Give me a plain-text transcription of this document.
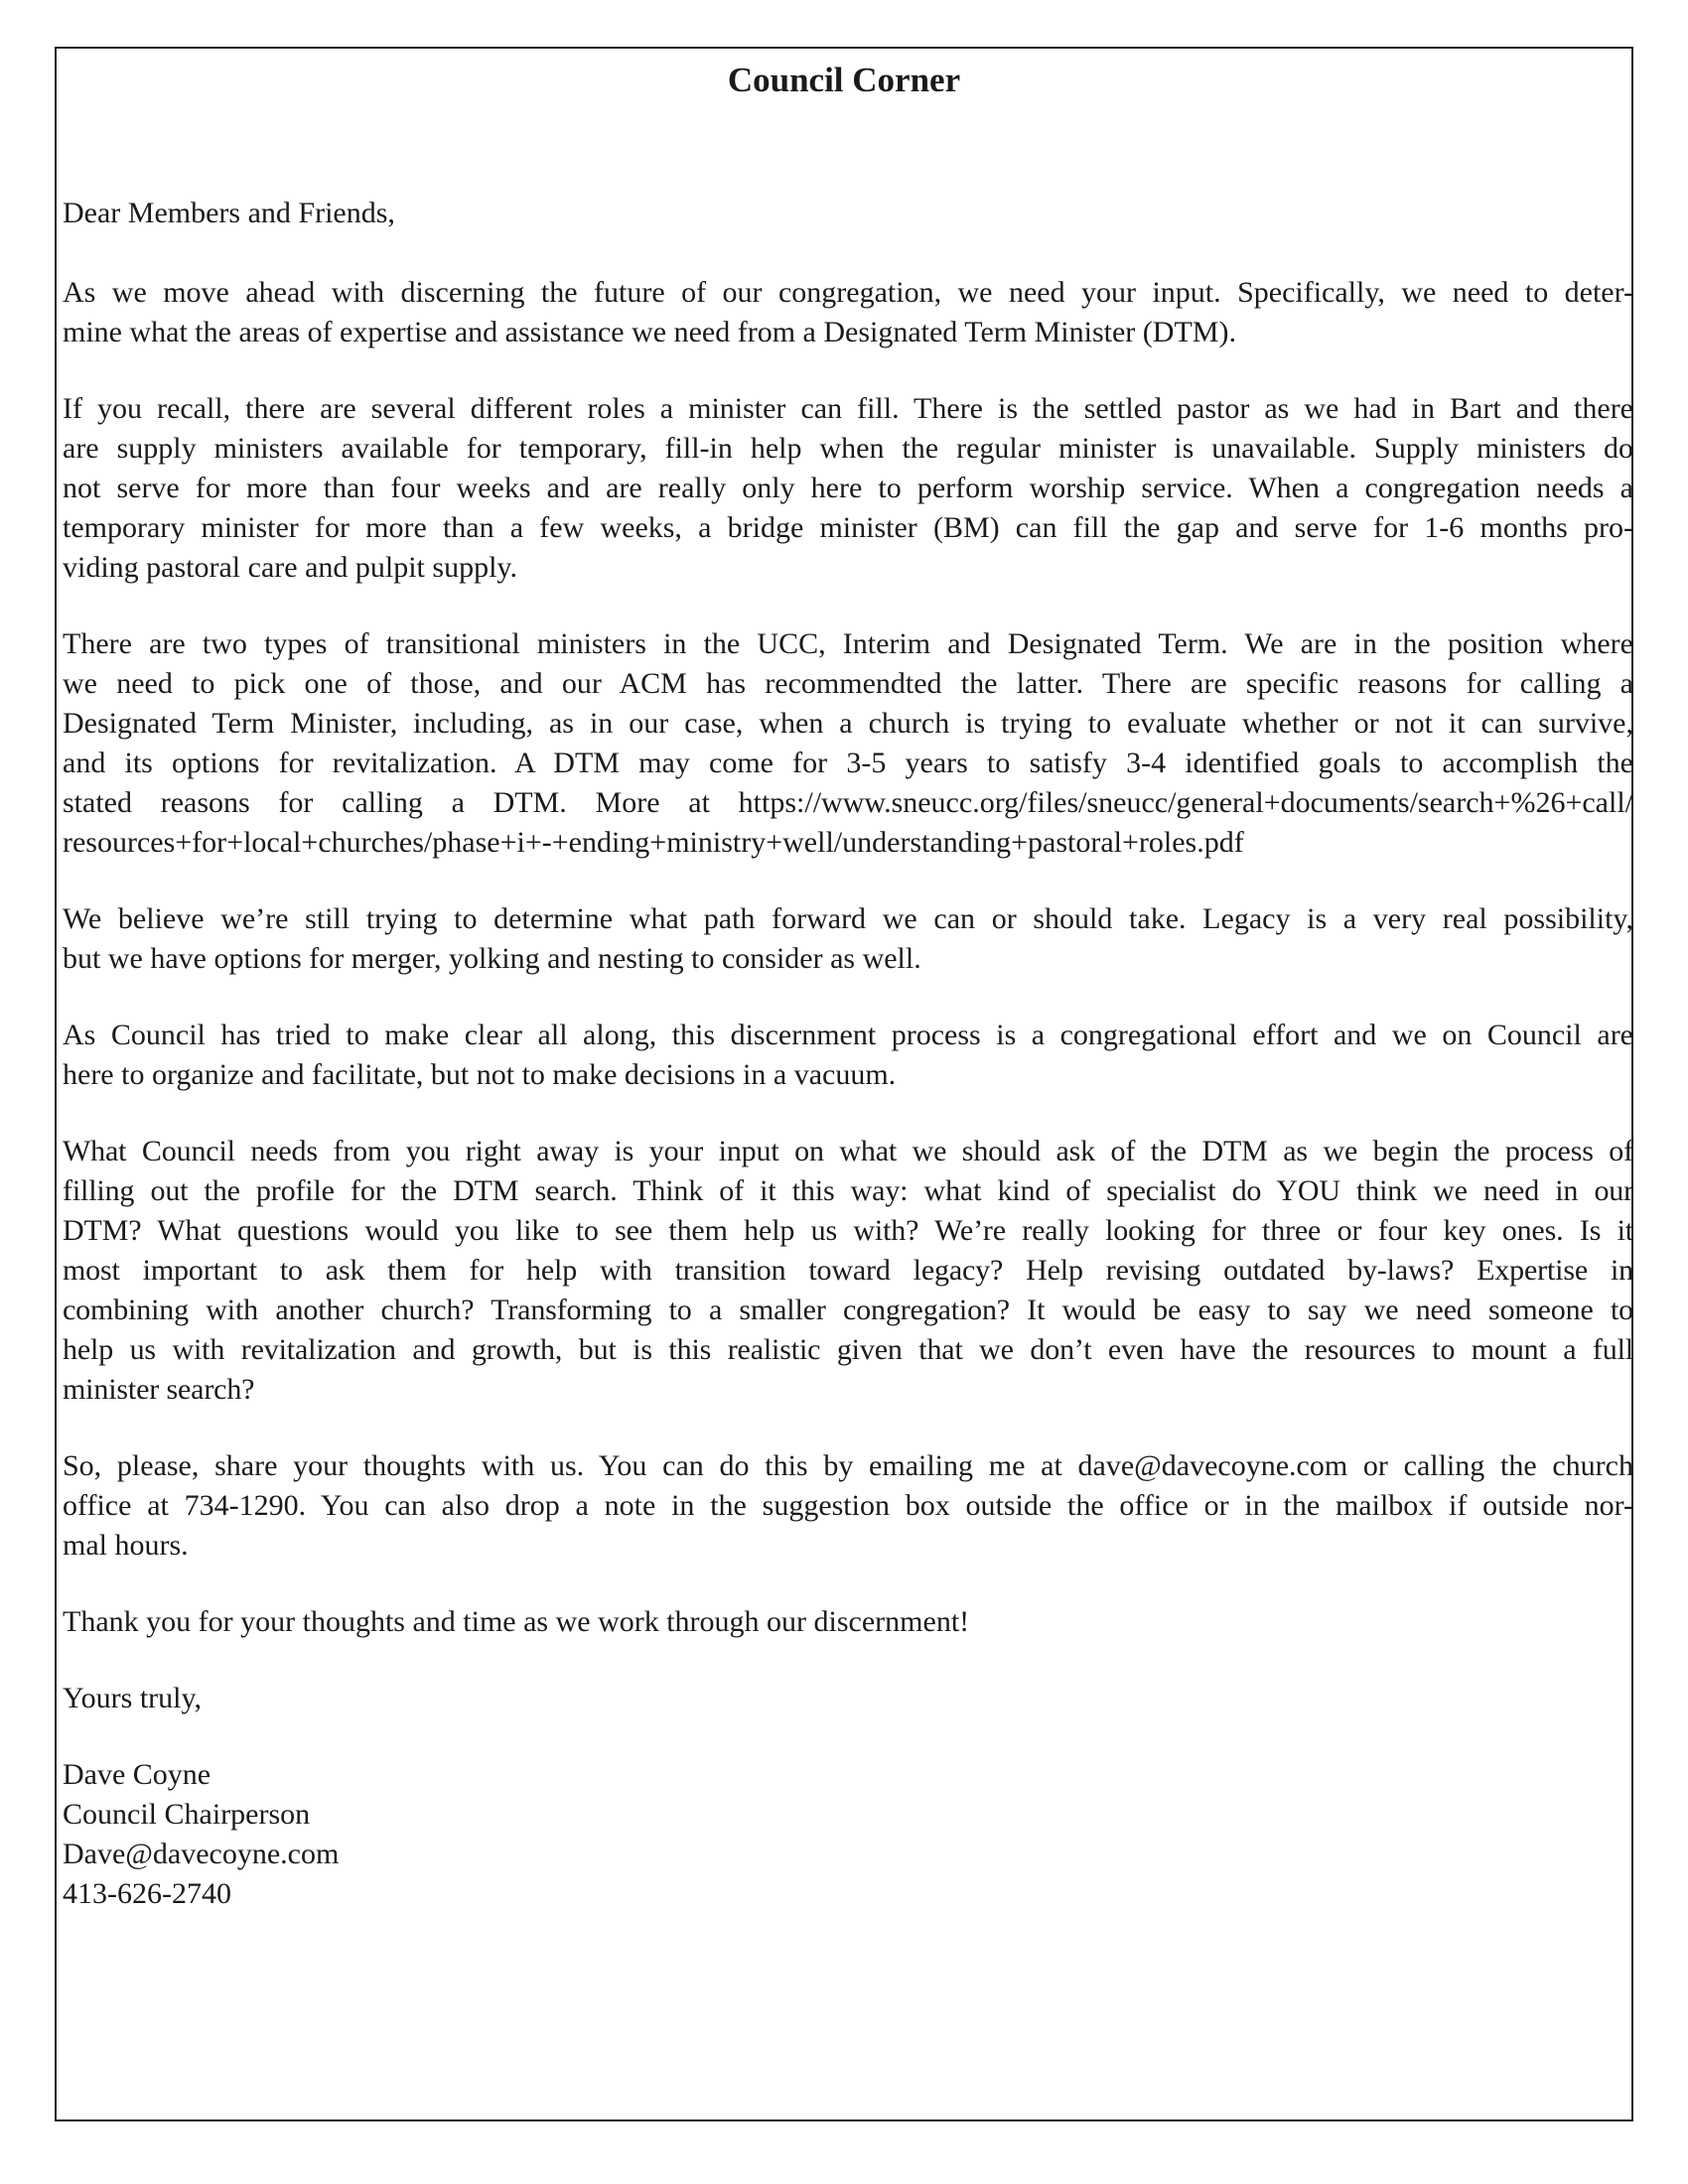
Council Corner

Dear Members and Friends,

As we move ahead with discerning the future of our congregation, we need your input. Specifically, we need to deter-
mine what the areas of expertise and assistance we need from a Designated Term Minister (DTM).

If you recall, there are several different roles a minister can fill. There is the settled pastor as we had in Bart and there
are supply ministers available for temporary, fill-in help when the regular minister is unavailable. Supply ministers do
not serve for more than four weeks and are really only here to perform worship service. When a congregation needs a
temporary minister for more than a few weeks, a bridge minister (BM) can fill the gap and serve for 1-6 months pro-
viding pastoral care and pulpit supply.

There are two types of transitional ministers in the UCC, Interim and Designated Term. We are in the position where
we need to pick one of those, and our ACM has recommendted the latter. There are specific reasons for calling a
Designated Term Minister, including, as in our case, when a church is trying to evaluate whether or not it can survive,
and its options for revitalization. A DTM may come for 3-5 years to satisfy 3-4 identified goals to accomplish the
stated reasons for calling a DTM. More at https://www.sneucc.org/files/sneucc/general+documents/search+%26+call/
resources+for+local+churches/phase+i+-+ending+ministry+well/understanding+pastoral+roles.pdf

We believe we’re still trying to determine what path forward we can or should take. Legacy is a very real possibility,
but we have options for merger, yolking and nesting to consider as well.

As Council has tried to make clear all along, this discernment process is a congregational effort and we on Council are
here to organize and facilitate, but not to make decisions in a vacuum.

What Council needs from you right away is your input on what we should ask of the DTM as we begin the process of
filling out the profile for the DTM search. Think of it this way: what kind of specialist do YOU think we need in our
DTM? What questions would you like to see them help us with? We’re really looking for three or four key ones. Is it
most important to ask them for help with transition toward legacy? Help revising outdated by-laws? Expertise in
combining with another church? Transforming to a smaller congregation? It would be easy to say we need someone to
help us with revitalization and growth, but is this realistic given that we don’t even have the resources to mount a full
minister search?

So, please, share your thoughts with us. You can do this by emailing me at dave@davecoyne.com or calling the church
office at 734-1290. You can also drop a note in the suggestion box outside the office or in the mailbox if outside nor-
mal hours.

Thank you for your thoughts and time as we work through our discernment!

Yours truly,

Dave Coyne
Council Chairperson
Dave@davecoyne.com
413-626-2740
